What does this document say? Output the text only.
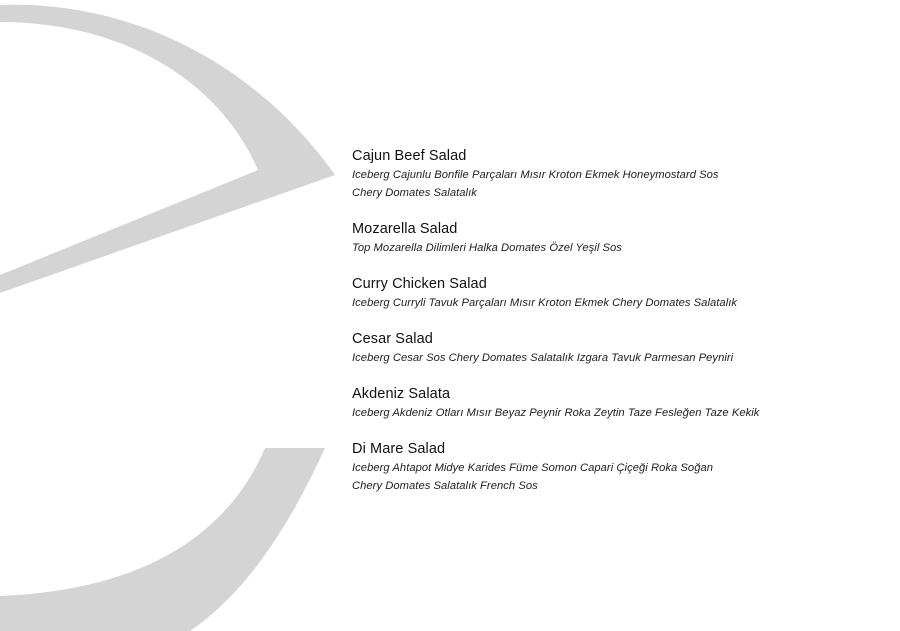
Cajun Beef Salad
Iceberg Cajunlu Bonfile Parçaları Mısır Kroton Ekmek Honeymostard Sos
Chery Domates Salatalık
Mozarella Salad
Top Mozarella Dilimleri Halka Domates Özel Yeşil Sos
Curry Chicken Salad
Iceberg Curryli Tavuk Parçaları Mısır Kroton Ekmek Chery Domates Salatalık
Cesar Salad
Iceberg Cesar Sos Chery Domates Salatalık Izgara Tavuk Parmesan Peyniri
Akdeniz Salata
Iceberg Akdeniz Otları Mısır Beyaz Peynir Roka Zeytin Taze Fesleğen Taze Kekik
Di Mare Salad
Iceberg Ahtapot Midye Karides Füme Somon Capari Çiçeği Roka Soğan
Chery Domates Salatalık French Sos
